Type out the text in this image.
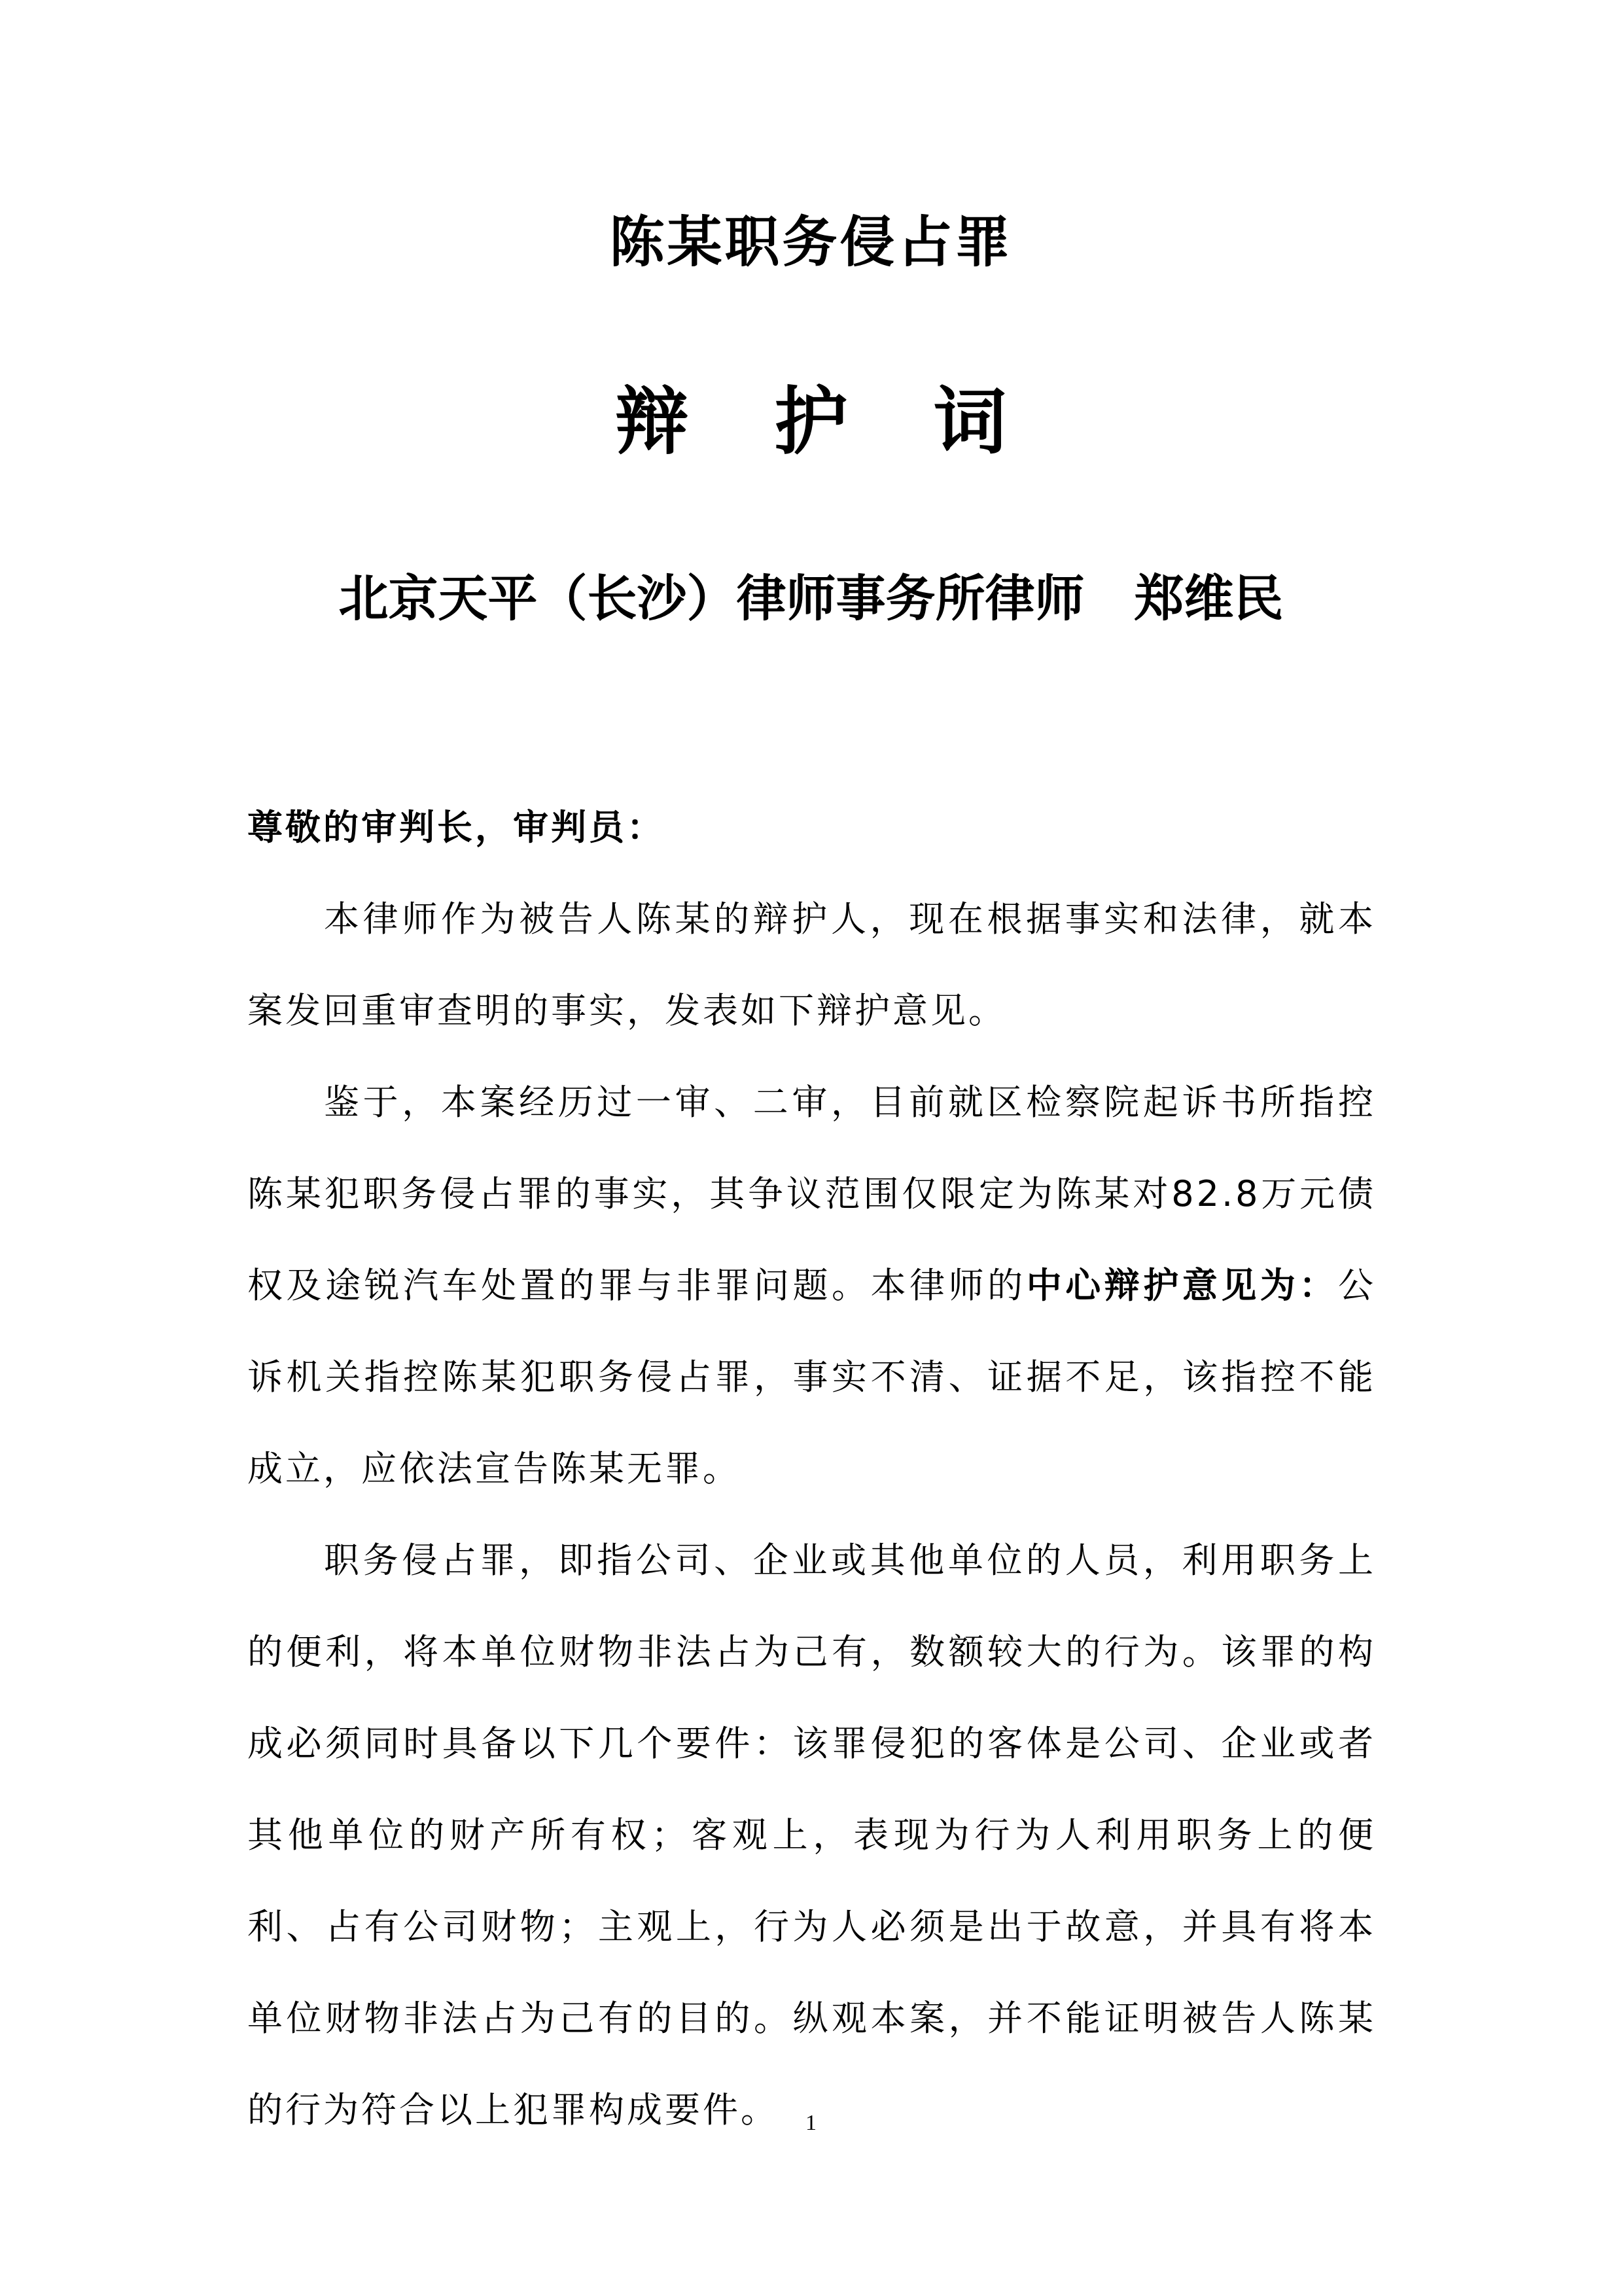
陈某职务侵占罪
辩 护 词
北京天平（长沙）律师事务所律师　郑维民

尊敬的审判长，审判员：

本律师作为被告人陈某的辩护人，现在根据事实和法律，就本案发回重审查明的事实，发表如下辩护意见。

鉴于，本案经历过一审、二审，目前就区检察院起诉书所指控陈某犯职务侵占罪的事实，其争议范围仅限定为陈某对82.8万元债权及途锐汽车处置的罪与非罪问题。本律师的中心辩护意见为：公诉机关指控陈某犯职务侵占罪，事实不清、证据不足，该指控不能成立，应依法宣告陈某无罪。

职务侵占罪，即指公司、企业或其他单位的人员，利用职务上的便利，将本单位财物非法占为己有，数额较大的行为。该罪的构成必须同时具备以下几个要件：该罪侵犯的客体是公司、企业或者其他单位的财产所有权；客观上，表现为行为人利用职务上的便利、占有公司财物；主观上，行为人必须是出于故意，并具有将本单位财物非法占为己有的目的。纵观本案，并不能证明被告人陈某的行为符合以上犯罪构成要件。	1
